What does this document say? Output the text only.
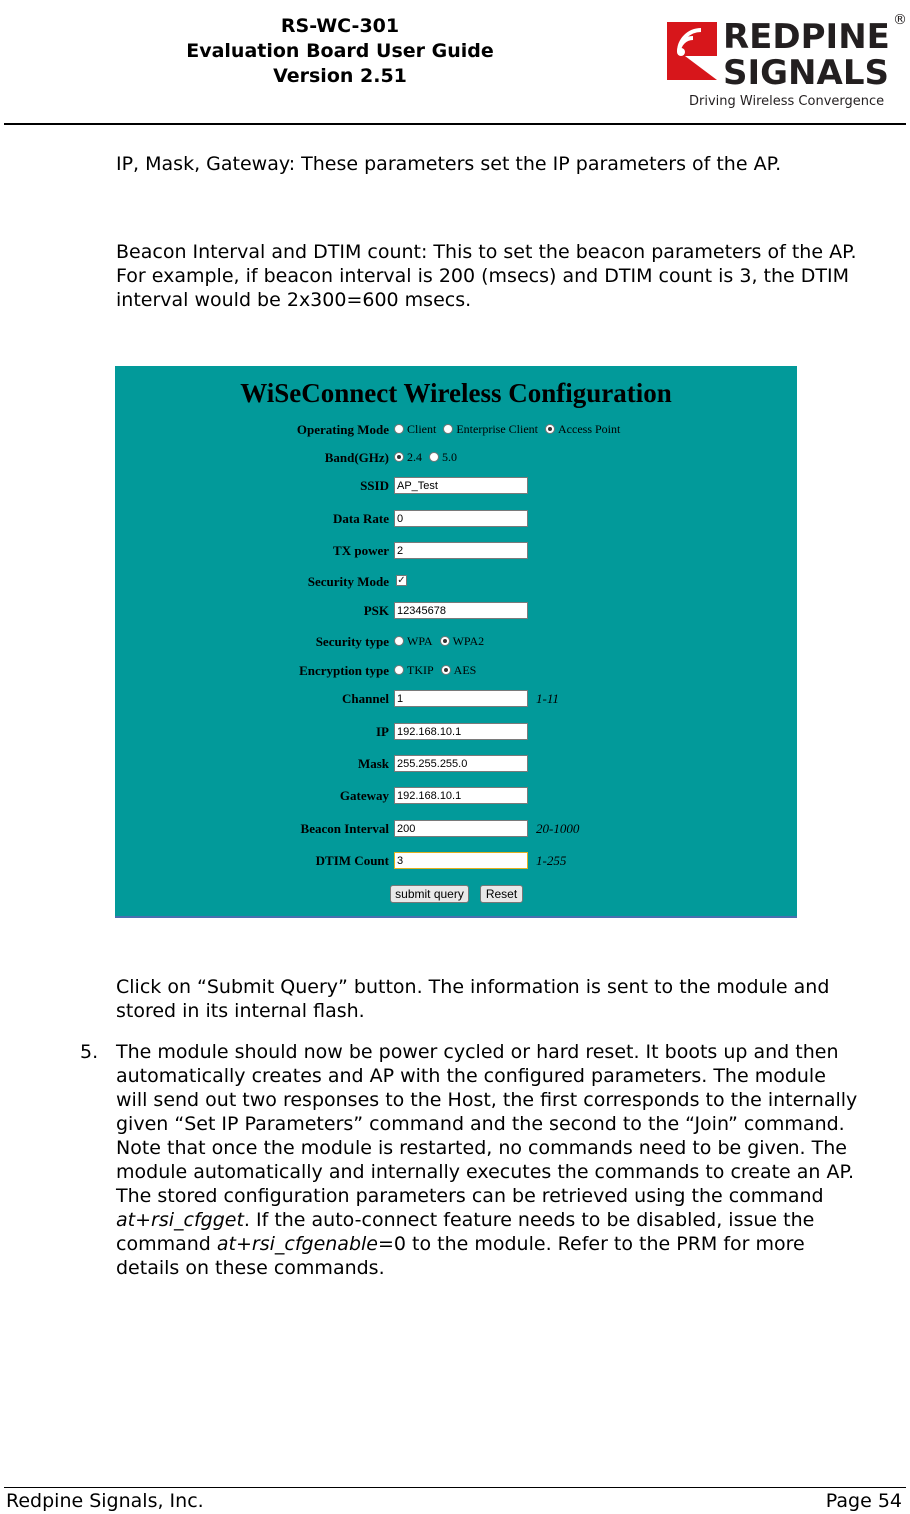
RS-WC-301
Evaluation Board User Guide
Version 2.51
REDPINE
SIGNALS
®
Driving Wireless Convergence
IP, Mask, Gateway: These parameters set the IP parameters of the AP.
Beacon Interval and DTIM count: This to set the beacon parameters of the AP. For example, if beacon interval is 200 (msecs) and DTIM count is 3, the DTIM interval would be 2x300=600 msecs.
WiSeConnect Wireless Configuration
Operating Mode	Client Enterprise Client Access Point
Band(GHz)	2.4 5.0
SSID AP_Test
Data Rate 0
TX power 2
Security Mode ✓
PSK 12345678
Security type	WPA WPA2
Encryption type	TKIP AES
Channel 1	1-11
IP 192.168.10.1
Mask 255.255.255.0
Gateway 192.168.10.1
Beacon Interval 200	20-1000
DTIM Count 3	1-255
submit query	Reset
Click on “Submit Query” button. The information is sent to the module and stored in its internal flash.
5. The module should now be power cycled or hard reset. It boots up and then automatically creates and AP with the configured parameters. The module will send out two responses to the Host, the first corresponds to the internally given “Set IP Parameters” command and the second to the “Join” command. Note that once the module is restarted, no commands need to be given. The module automatically and internally executes the commands to create an AP. The stored configuration parameters can be retrieved using the command at+rsi_cfgget. If the auto-connect feature needs to be disabled, issue the command at+rsi_cfgenable=0 to the module. Refer to the PRM for more details on these commands.
Redpine Signals, Inc.	Page 54
